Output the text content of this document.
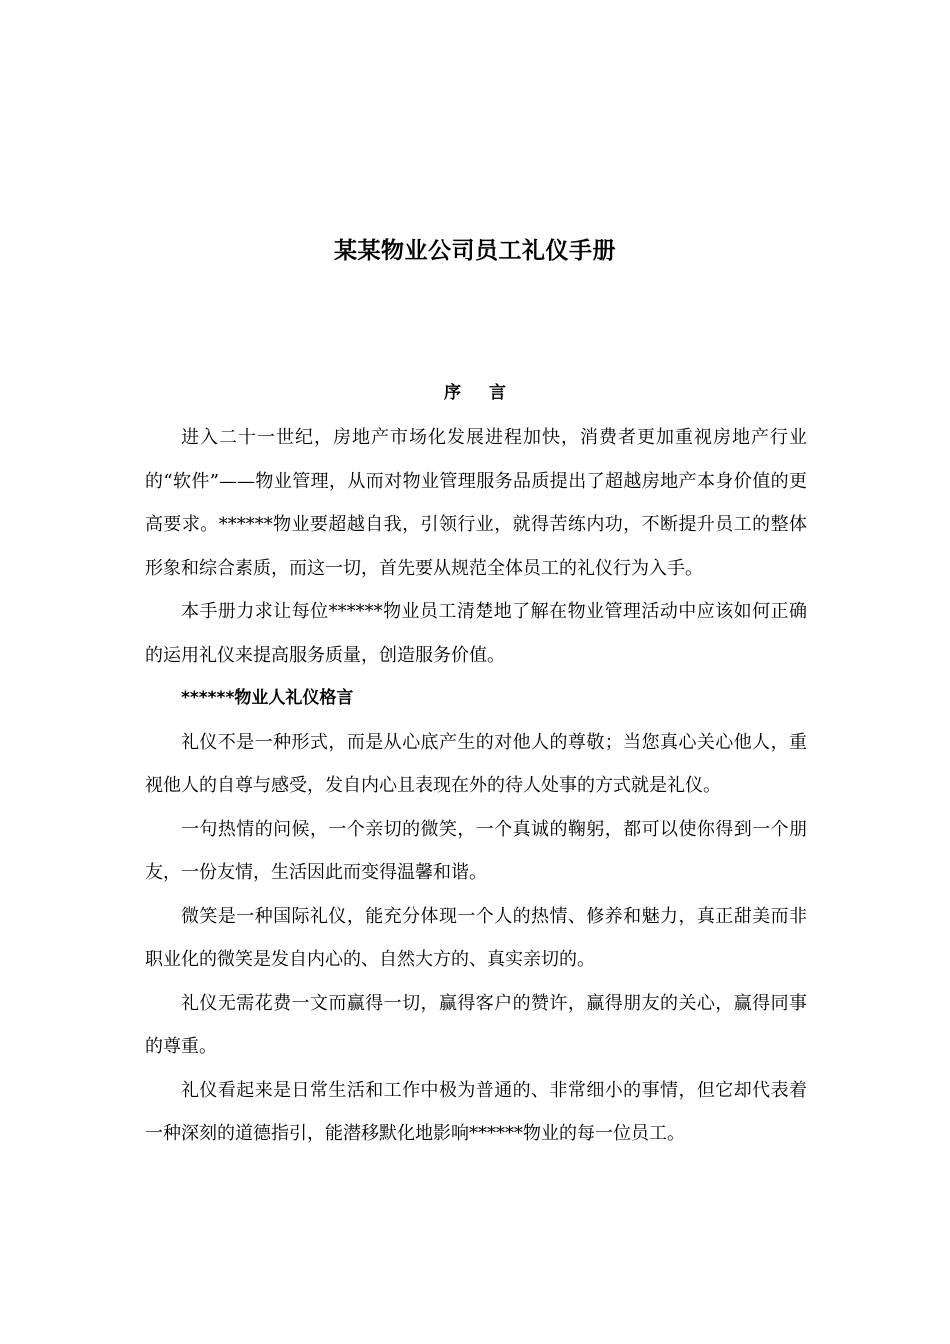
某某物业公司员工礼仪手册
序 言

进入二十一世纪，房地产市场化发展进程加快，消费者更加重视房地产行业的“软件”——物业管理，从而对物业管理服务品质提出了超越房地产本身价值的更高要求。******物业要超越自我，引领行业，就得苦练内功，不断提升员工的整体形象和综合素质，而这一切，首先要从规范全体员工的礼仪行为入手。

本手册力求让每位******物业员工清楚地了解在物业管理活动中应该如何正确的运用礼仪来提高服务质量，创造服务价值。

******物业人礼仪格言

礼仪不是一种形式，而是从心底产生的对他人的尊敬；当您真心关心他人，重视他人的自尊与感受，发自内心且表现在外的待人处事的方式就是礼仪。

一句热情的问候，一个亲切的微笑，一个真诚的鞠躬，都可以使你得到一个朋友，一份友情，生活因此而变得温馨和谐。

微笑是一种国际礼仪，能充分体现一个人的热情、修养和魅力，真正甜美而非职业化的微笑是发自内心的、自然大方的、真实亲切的。

礼仪无需花费一文而赢得一切，赢得客户的赞许，赢得朋友的关心，赢得同事的尊重。

礼仪看起来是日常生活和工作中极为普通的、非常细小的事情，但它却代表着一种深刻的道德指引，能潜移默化地影响******物业的每一位员工。
